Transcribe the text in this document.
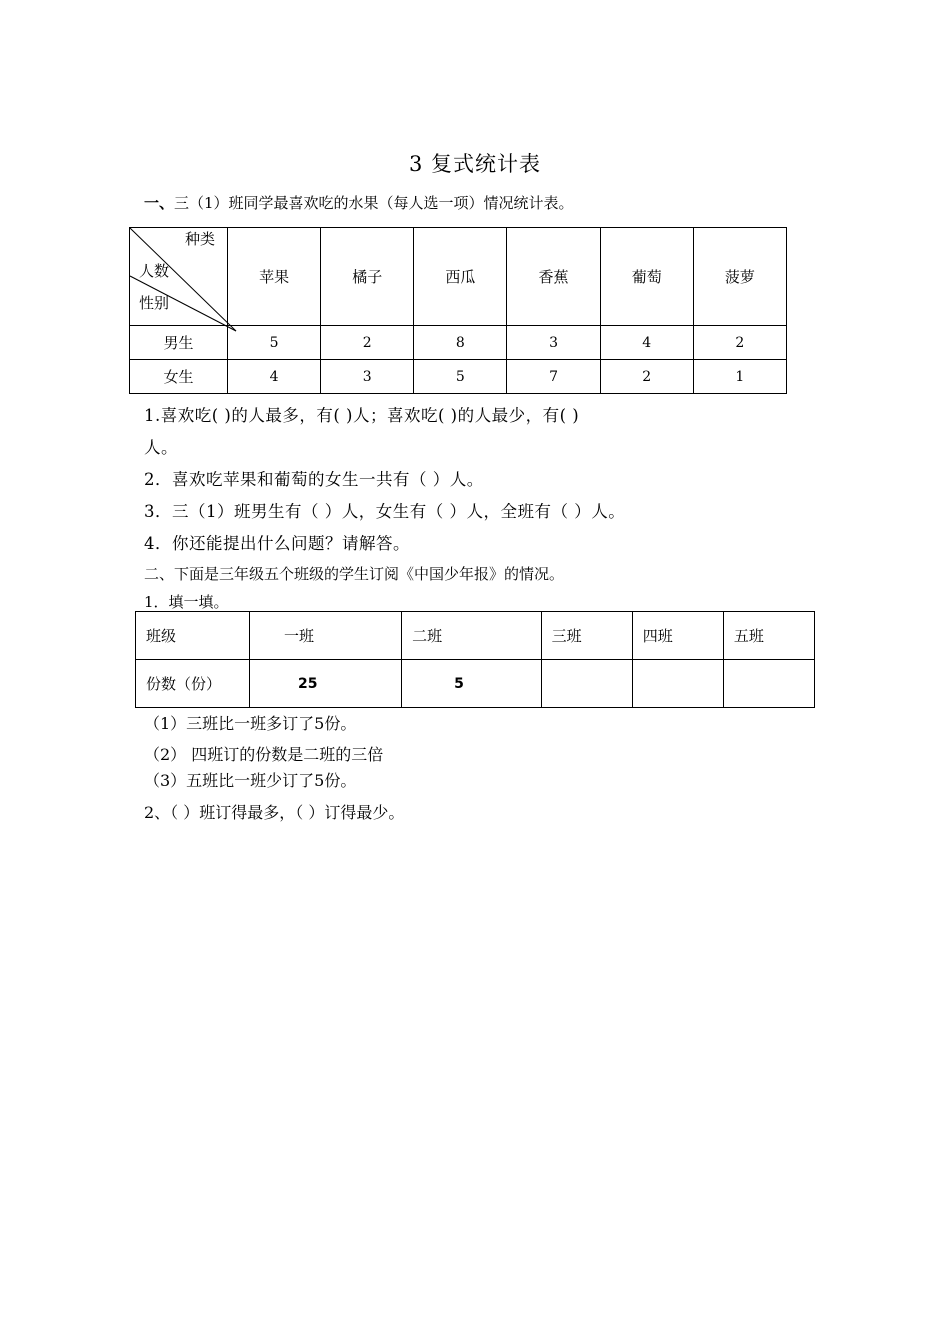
3 复式统计表
一、三（1）班同学最喜欢吃的水果（每人选一项）情况统计表。
种类
人数
性别	苹果	橘子	西瓜	香蕉	葡萄	菠萝
男生	5	2	8	3	4	2
女生	4	3	5	7	2	1
1.喜欢吃( )的人最多，有( )人；喜欢吃( )的人最少，有( )
人。
2．喜欢吃苹果和葡萄的女生一共有（ ）人。
3．三（1）班男生有（ ）人，女生有（ ）人，全班有（ ）人。
4．你还能提出什么问题？请解答。
二、下面是三年级五个班级的学生订阅《中国少年报》的情况。
1．填一填。
班级	一班	二班	三班	四班	五班
份数（份）	25	5			
（1）三班比一班多订了5份。
（2） 四班订的份数是二班的三倍
（3）五班比一班少订了5份。
2、（ ）班订得最多，（ ）订得最少。
